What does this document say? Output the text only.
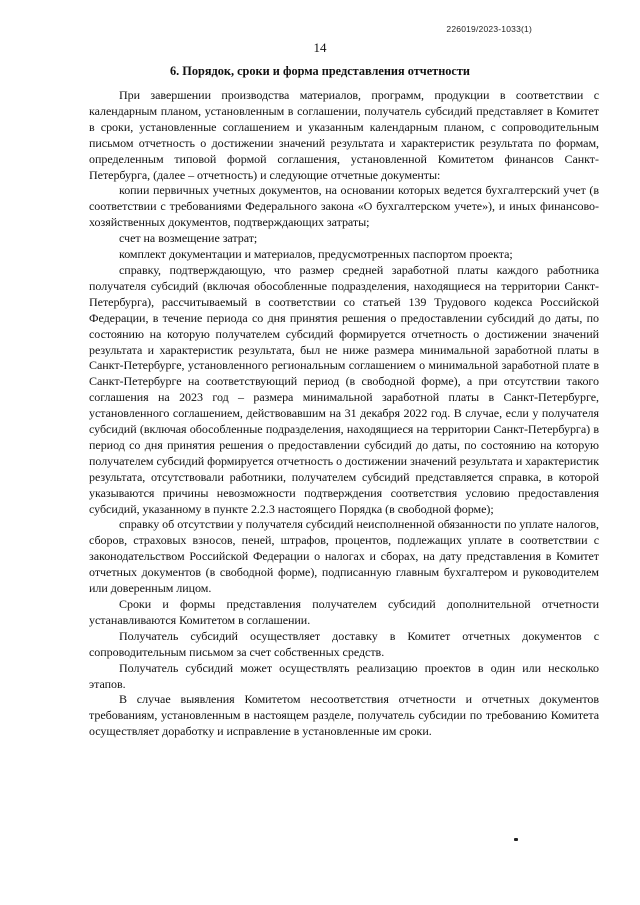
226019/2023-1033(1)
14
6. Порядок, сроки и форма представления отчетности

При завершении производства материалов, программ, продукции в соответствии с календарным планом, установленным в соглашении, получатель субсидий представляет в Комитет в сроки, установленные соглашением и указанным календарным планом, с сопроводительным письмом отчетность о достижении значений результата и характеристик результата по формам, определенным типовой формой соглашения, установленной Комитетом финансов Санкт-Петербурга, (далее – отчетность) и следующие отчетные документы:

копии первичных учетных документов, на основании которых ведется бухгалтерский учет (в соответствии с требованиями Федерального закона «О бухгалтерском учете»), и иных финансово-хозяйственных документов, подтверждающих затраты;

счет на возмещение затрат;

комплект документации и материалов, предусмотренных паспортом проекта;

справку, подтверждающую, что размер средней заработной платы каждого работника получателя субсидий (включая обособленные подразделения, находящиеся на территории Санкт-Петербурга), рассчитываемый в соответствии со статьей 139 Трудового кодекса Российской Федерации, в течение периода со дня принятия решения о предоставлении субсидий до даты, по состоянию на которую получателем субсидий формируется отчетность о достижении значений результата и характеристик результата, был не ниже размера минимальной заработной платы в Санкт-Петербурге, установленного региональным соглашением о минимальной заработной плате в Санкт-Петербурге на соответствующий период (в свободной форме), а при отсутствии такого соглашения на 2023 год – размера минимальной заработной платы в Санкт-Петербурге, установленного соглашением, действовавшим на 31 декабря 2022 год. В случае, если у получателя субсидий (включая обособленные подразделения, находящиеся на территории Санкт-Петербурга) в период со дня принятия решения о предоставлении субсидий до даты, по состоянию на которую получателем субсидий формируется отчетность о достижении значений результата и характеристик результата, отсутствовали работники, получателем субсидий представляется справка, в которой указываются причины невозможности подтверждения соответствия условию предоставления субсидий, указанному в пункте 2.2.3 настоящего Порядка (в свободной форме);

справку об отсутствии у получателя субсидий неисполненной обязанности по уплате налогов, сборов, страховых взносов, пеней, штрафов, процентов, подлежащих уплате в соответствии с законодательством Российской Федерации о налогах и сборах, на дату представления в Комитет отчетных документов (в свободной форме), подписанную главным бухгалтером и руководителем или доверенным лицом.

Сроки и формы представления получателем субсидий дополнительной отчетности устанавливаются Комитетом в соглашении.

Получатель субсидий осуществляет доставку в Комитет отчетных документов с сопроводительным письмом за счет собственных средств.

Получатель субсидий может осуществлять реализацию проектов в один или несколько этапов.

В случае выявления Комитетом несоответствия отчетности и отчетных документов требованиям, установленным в настоящем разделе, получатель субсидии по требованию Комитета осуществляет доработку и исправление в установленные им сроки.
